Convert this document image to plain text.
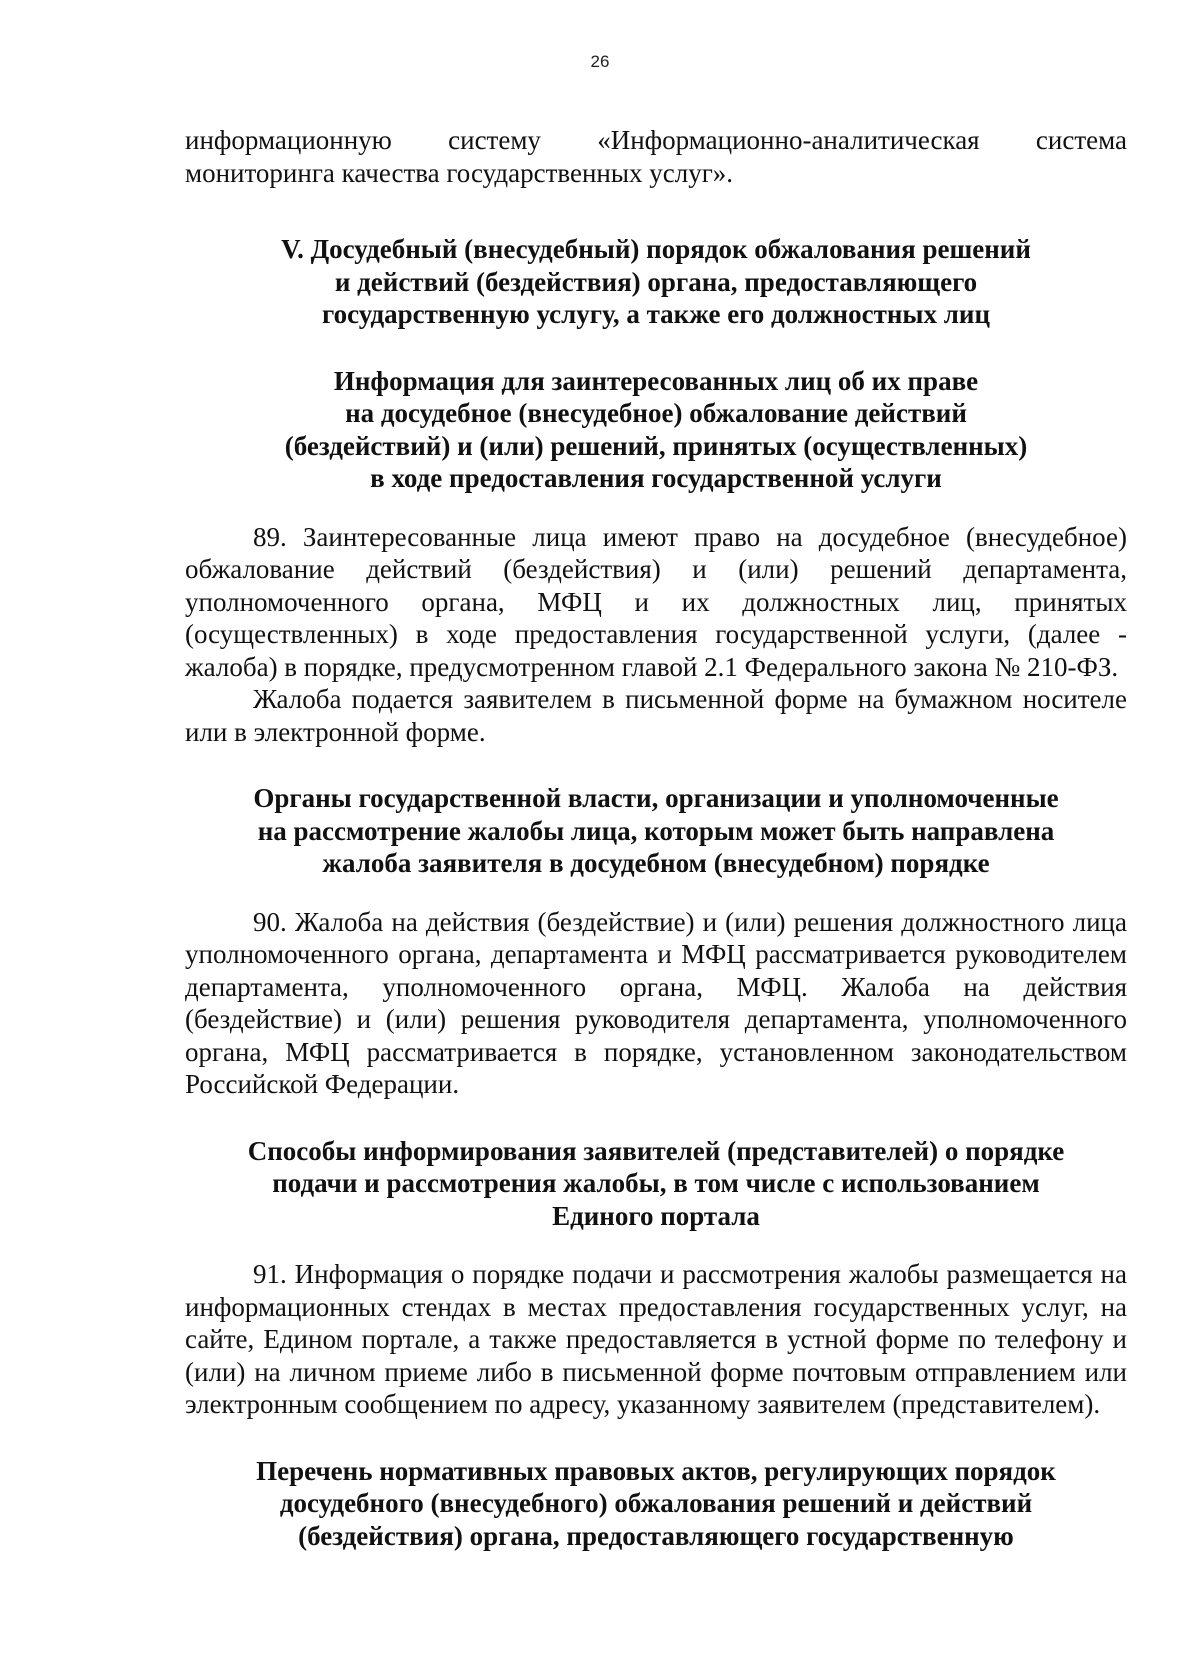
26

информационную систему «Информационно-аналитическая система мониторинга качества государственных услуг».

V. Досудебный (внесудебный) порядок обжалования решений
и действий (бездействия) органа, предоставляющего
государственную услугу, а также его должностных лиц
Информация для заинтересованных лиц об их праве
на досудебное (внесудебное) обжалование действий
(бездействий) и (или) решений, принятых (осуществленных)
в ходе предоставления государственной услуги

89. Заинтересованные лица имеют право на досудебное (внесудебное) обжалование действий (бездействия) и (или) решений департамента, уполномоченного органа, МФЦ и их должностных лиц, принятых (осуществленных) в ходе предоставления государственной услуги, (далее - жалоба) в порядке, предусмотренном главой 2.1 Федерального закона № 210-ФЗ.

Жалоба подается заявителем в письменной форме на бумажном носителе или в электронной форме.

Органы государственной власти, организации и уполномоченные
на рассмотрение жалобы лица, которым может быть направлена
жалоба заявителя в досудебном (внесудебном) порядке

90. Жалоба на действия (бездействие) и (или) решения должностного лица уполномоченного органа, департамента и МФЦ рассматривается руководителем департамента, уполномоченного органа, МФЦ. Жалоба на действия (бездействие) и (или) решения руководителя департамента, уполномоченного органа, МФЦ рассматривается в порядке, установленном законодательством Российской Федерации.

Способы информирования заявителей (представителей) о порядке
подачи и рассмотрения жалобы, в том числе с использованием
Единого портала

91. Информация о порядке подачи и рассмотрения жалобы размещается на информационных стендах в местах предоставления государственных услуг, на сайте, Едином портале, а также предоставляется в устной форме по телефону и (или) на личном приеме либо в письменной форме почтовым отправлением или электронным сообщением по адресу, указанному заявителем (представителем).

Перечень нормативных правовых актов, регулирующих порядок
досудебного (внесудебного) обжалования решений и действий
(бездействия) органа, предоставляющего государственную
